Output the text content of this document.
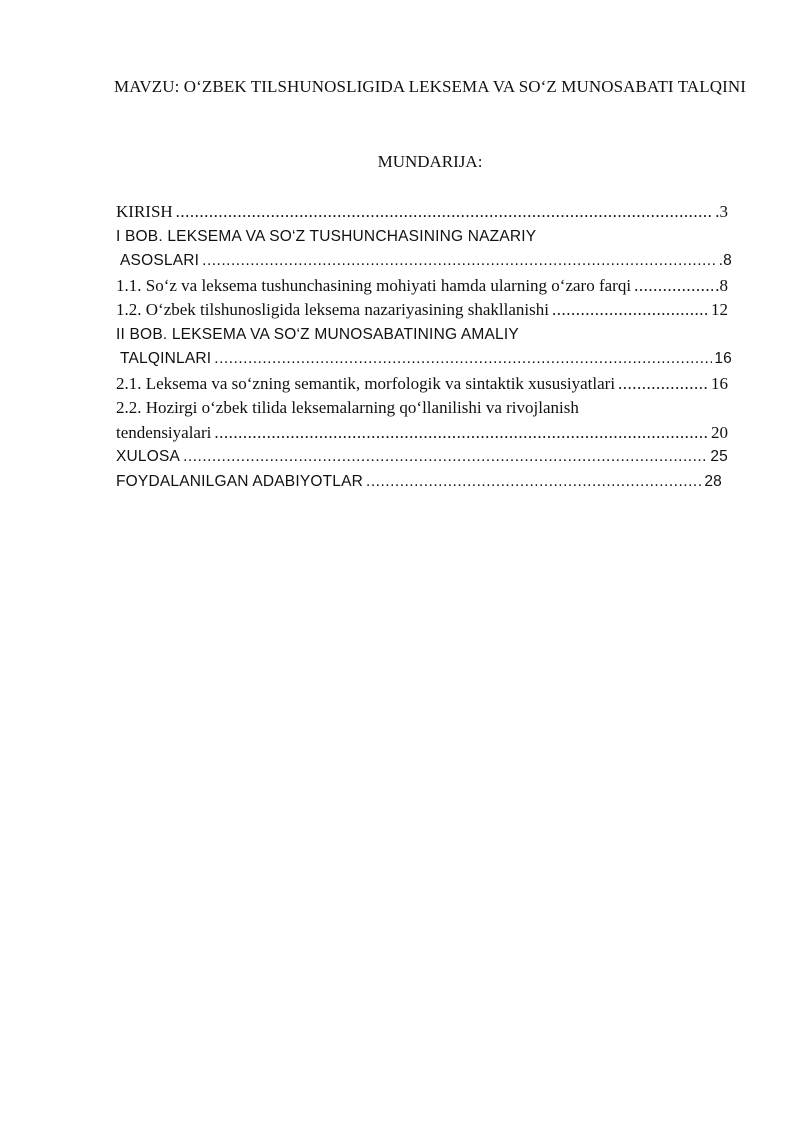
MAVZU: O‘ZBEK TILSHUNOSLIGIDA LEKSEMA VA SO‘Z MUNOSABATI TALQINI
MUNDARIJA:
KIRISH .....	.3
I BOB. LEKSEMA VA SO‘Z TUSHUNCHASINING NAZARIY
ASOSLARI .....	.8
1.1. So‘z va leksema tushunchasining mohiyati hamda ularning o‘zaro farqi .....	.8
1.2. O‘zbek tilshunosligida leksema nazariyasining shakllanishi .....	12
II BOB. LEKSEMA VA SO‘Z MUNOSABATINING AMALIY
TALQINLARI .....	16
2.1. Leksema va so‘zning semantik, morfologik va sintaktik xususiyatlari .....	16
2.2. Hozirgi o‘zbek tilida leksemalarning qo‘llanilishi va rivojlanish
tendensiyalari .....	20
XULOSA .....	25
FOYDALANILGAN ADABIYOTLAR .....	28
